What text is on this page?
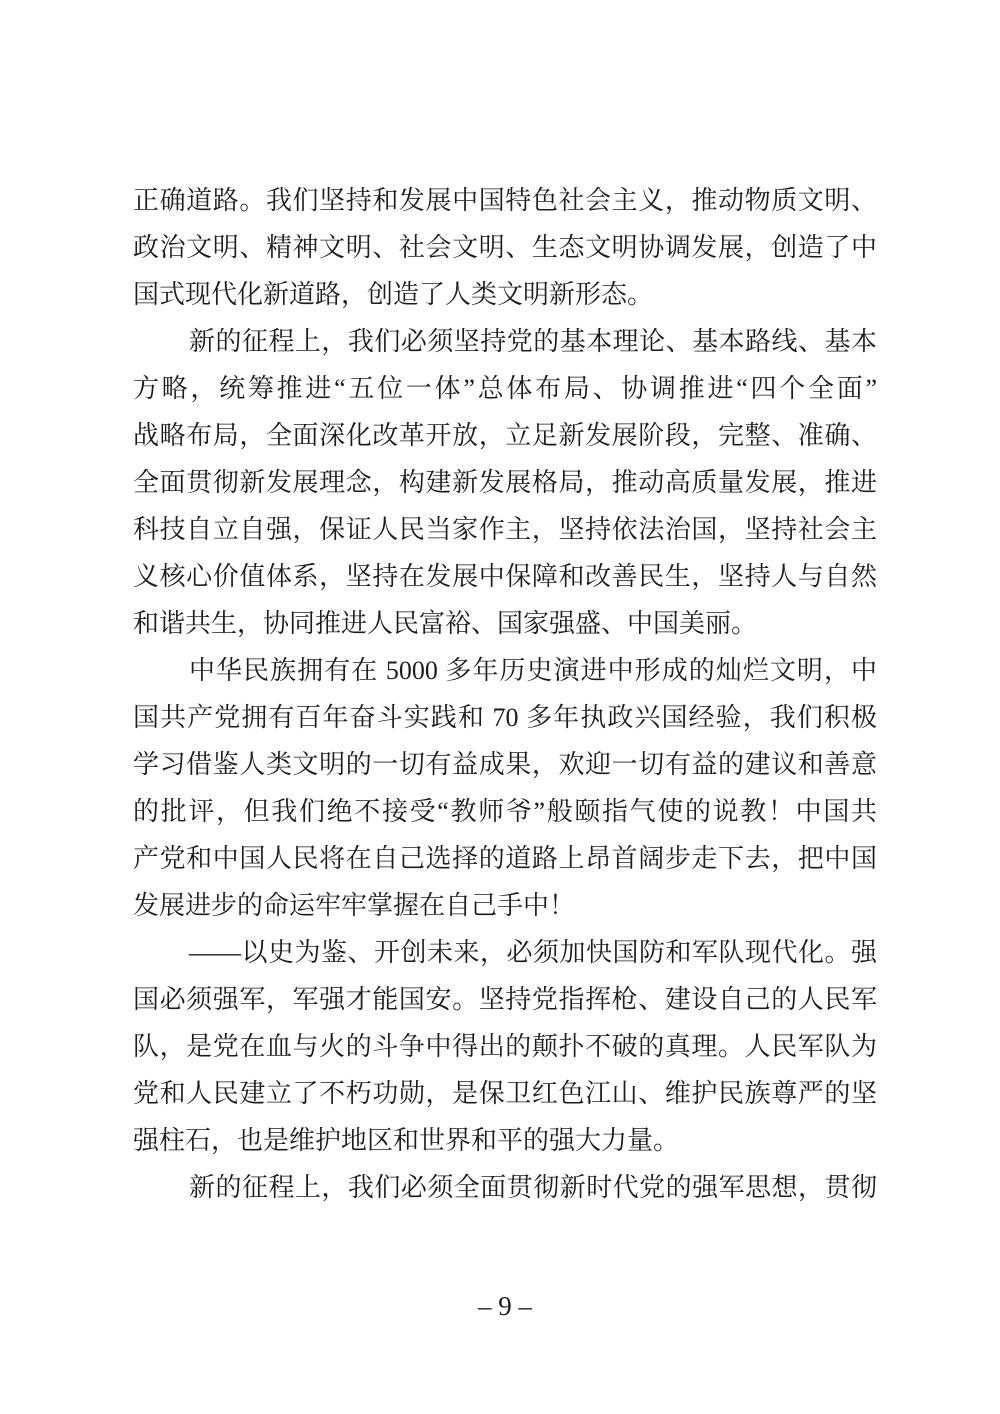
正确道路。我们坚持和发展中国特色社会主义，推动物质文明、
政治文明、精神文明、社会文明、生态文明协调发展，创造了中
国式现代化新道路，创造了人类文明新形态。
新的征程上，我们必须坚持党的基本理论、基本路线、基本
方略，统筹推进“五位一体”总体布局、协调推进“四个全面”
战略布局，全面深化改革开放，立足新发展阶段，完整、准确、
全面贯彻新发展理念，构建新发展格局，推动高质量发展，推进
科技自立自强，保证人民当家作主，坚持依法治国，坚持社会主
义核心价值体系，坚持在发展中保障和改善民生，坚持人与自然
和谐共生，协同推进人民富裕、国家强盛、中国美丽。
中华民族拥有在 5000 多年历史演进中形成的灿烂文明，中
国共产党拥有百年奋斗实践和 70 多年执政兴国经验，我们积极
学习借鉴人类文明的一切有益成果，欢迎一切有益的建议和善意
的批评，但我们绝不接受“教师爷”般颐指气使的说教！中国共
产党和中国人民将在自己选择的道路上昂首阔步走下去，把中国
发展进步的命运牢牢掌握在自己手中！
——以史为鉴、开创未来，必须加快国防和军队现代化。强
国必须强军，军强才能国安。坚持党指挥枪、建设自己的人民军
队，是党在血与火的斗争中得出的颠扑不破的真理。人民军队为
党和人民建立了不朽功勋，是保卫红色江山、维护民族尊严的坚
强柱石，也是维护地区和世界和平的强大力量。
新的征程上，我们必须全面贯彻新时代党的强军思想，贯彻
– 9 –
